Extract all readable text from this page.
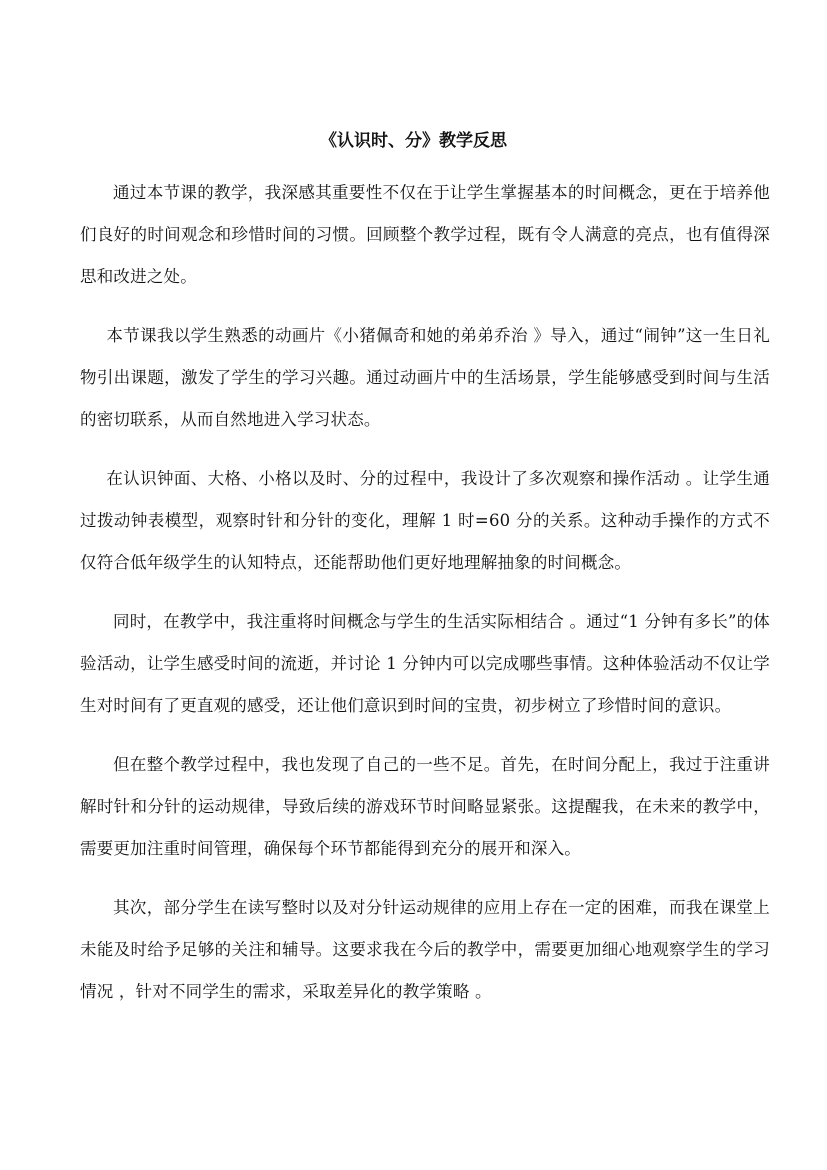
《认识时、分》教学反思

通过本节课的教学，我深感其重要性不仅在于让学生掌握基本的时间概念，更在于培养他们良好的时间观念和珍惜时间的习惯。回顾整个教学过程，既有令人满意的亮点，也有值得深思和改进之处。

本节课我以学生熟悉的动画片《小猪佩奇和她的弟弟乔治 》导入，通过“闹钟”这一生日礼物引出课题，激发了学生的学习兴趣。通过动画片中的生活场景，学生能够感受到时间与生活的密切联系，从而自然地进入学习状态。

在认识钟面、大格、小格以及时、分的过程中，我设计了多次观察和操作活动 。让学生通过拨动钟表模型，观察时针和分针的变化，理解 1 时=60 分的关系。这种动手操作的方式不仅符合低年级学生的认知特点，还能帮助他们更好地理解抽象的时间概念。

同时，在教学中，我注重将时间概念与学生的生活实际相结合 。通过“1 分钟有多长”的体验活动，让学生感受时间的流逝，并讨论 1 分钟内可以完成哪些事情。这种体验活动不仅让学生对时间有了更直观的感受，还让他们意识到时间的宝贵，初步树立了珍惜时间的意识。

但在整个教学过程中，我也发现了自己的一些不足。首先，在时间分配上，我过于注重讲解时针和分针的运动规律，导致后续的游戏环节时间略显紧张。这提醒我，在未来的教学中，需要更加注重时间管理，确保每个环节都能得到充分的展开和深入。

其次，部分学生在读写整时以及对分针运动规律的应用上存在一定的困难，而我在课堂上未能及时给予足够的关注和辅导。这要求我在今后的教学中，需要更加细心地观察学生的学习情况 ，针对不同学生的需求，采取差异化的教学策略 。
